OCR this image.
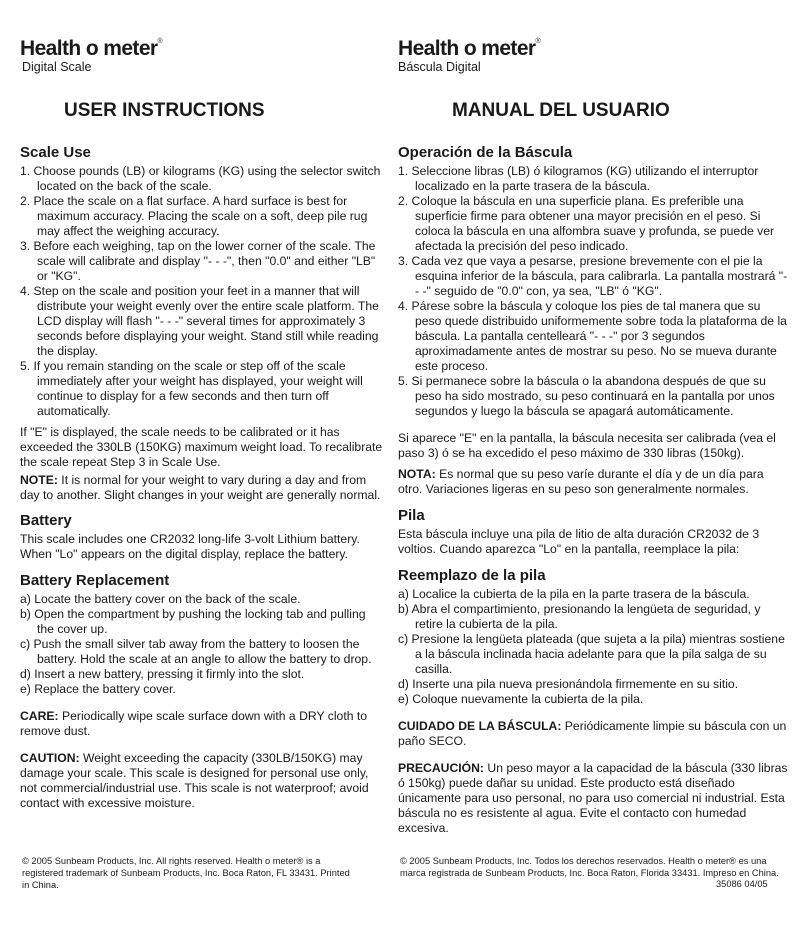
Health o meter®
Digital Scale
USER INSTRUCTIONS
Scale Use
1. Choose pounds (LB) or kilograms (KG) using the selector switch located on the back of the scale.
2. Place the scale on a flat surface. A hard surface is best for maximum accuracy. Placing the scale on a soft, deep pile rug may affect the weighing accuracy.
3. Before each weighing, tap on the lower corner of the scale. The scale will calibrate and display "- - -", then "0.0" and either "LB" or "KG".
4. Step on the scale and position your feet in a manner that will distribute your weight evenly over the entire scale platform. The LCD display will flash "- - -" several times for approximately 3 seconds before displaying your weight. Stand still while reading the display.
5. If you remain standing on the scale or step off of the scale immediately after your weight has displayed, your weight will continue to display for a few seconds and then turn off automatically.

If "E" is displayed, the scale needs to be calibrated or it has exceeded the 330LB (150KG) maximum weight load. To recalibrate the scale repeat Step 3 in Scale Use.

NOTE: It is normal for your weight to vary during a day and from day to another. Slight changes in your weight are generally normal.

Battery

This scale includes one CR2032 long-life 3-volt Lithium battery. When "Lo" appears on the digital display, replace the battery.

Battery Replacement
a) Locate the battery cover on the back of the scale.
b) Open the compartment by pushing the locking tab and pulling the cover up.
c) Push the small silver tab away from the battery to loosen the battery. Hold the scale at an angle to allow the battery to drop.
d) Insert a new battery, pressing it firmly into the slot.
e) Replace the battery cover.

CARE: Periodically wipe scale surface down with a DRY cloth to remove dust.

CAUTION: Weight exceeding the capacity (330LB/150KG) may damage your scale. This scale is designed for personal use only, not commercial/industrial use. This scale is not waterproof; avoid contact with excessive moisture.

© 2005 Sunbeam Products, Inc. All rights reserved. Health o meter® is a registered trademark of Sunbeam Products, Inc. Boca Raton, FL 33431. Printed in China.
Health o meter®
Báscula Digital
MANUAL DEL USUARIO
Operación de la Báscula
1. Seleccione libras (LB) ó kilogramos (KG) utilizando el interruptor localizado en la parte trasera de la báscula.
2. Coloque la báscula en una superficie plana. Es preferible una superficie firme para obtener una mayor precisión en el peso. Si coloca la báscula en una alfombra suave y profunda, se puede ver afectada la precisión del peso indicado.
3. Cada vez que vaya a pesarse, presione brevemente con el pie la esquina inferior de la báscula, para calibrarla. La pantalla mostrará "- - -" seguido de "0.0" con, ya sea, "LB" ó "KG".
4. Párese sobre la báscula y coloque los pies de tal manera que su peso quede distribuido uniformemente sobre toda la plataforma de la báscula. La pantalla centelleará "- - -" por 3 segundos aproximadamente antes de mostrar su peso. No se mueva durante este proceso.
5. Si permanece sobre la báscula o la abandona después de que su peso ha sido mostrado, su peso continuará en la pantalla por unos segundos y luego la báscula se apagará automáticamente.

Si aparece "E" en la pantalla, la báscula necesita ser calibrada (vea el paso 3) ó se ha excedido el peso máximo de 330 libras (150kg).

NOTA: Es normal que su peso varíe durante el día y de un día para otro. Variaciones ligeras en su peso son generalmente normales.

Pila

Esta báscula incluye una pila de litio de alta duración CR2032 de 3 voltios. Cuando aparezca "Lo" en la pantalla, reemplace la pila:

Reemplazo de la pila
a) Localice la cubierta de la pila en la parte trasera de la báscula.
b) Abra el compartimiento, presionando la lengüeta de seguridad, y retire la cubierta de la pila.
c) Presione la lengüeta plateada (que sujeta a la pila) mientras sostiene a la báscula inclinada hacia adelante para que la pila salga de su casilla.
d) Inserte una pila nueva presionándola firmemente en su sitio.
e) Coloque nuevamente la cubierta de la pila.

CUIDADO DE LA BÁSCULA: Periódicamente limpie su báscula con un paño SECO.

PRECAUCIÓN: Un peso mayor a la capacidad de la báscula (330 libras ó 150kg) puede dañar su unidad. Este producto está diseñado únicamente para uso personal, no para uso comercial ni industrial. Esta báscula no es resistente al agua. Evite el contacto con humedad excesiva.

© 2005 Sunbeam Products, Inc. Todos los derechos reservados. Health o meter® es una marca registrada de Sunbeam Products, Inc. Boca Raton, Florida 33431. Impreso en China.
35086 04/05
